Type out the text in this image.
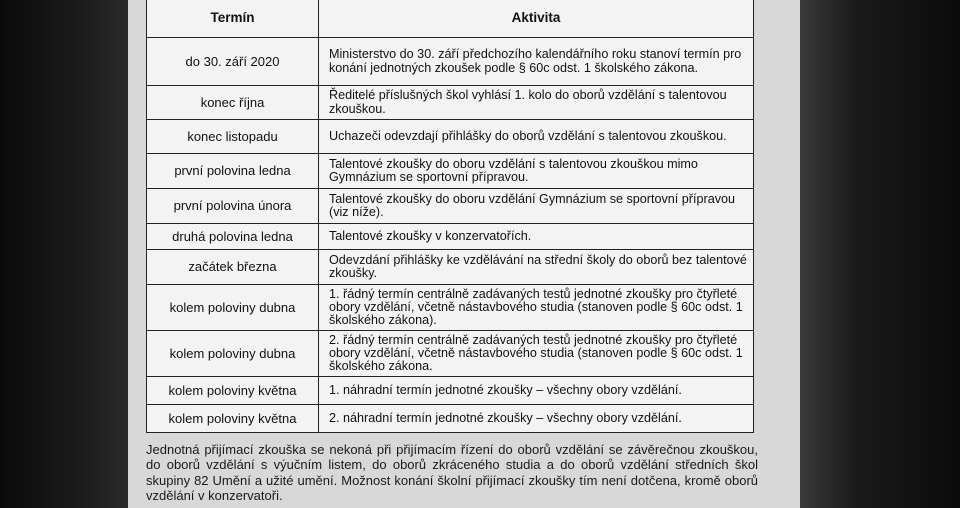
Termín	Aktivita
do 30. září 2020	Ministerstvo do 30. září předchozího kalendářního roku stanoví termín pro konání jednotných zkoušek podle § 60c odst. 1 školského zákona.
konec října	Ředitelé příslušných škol vyhlásí 1. kolo do oborů vzdělání s talentovou zkouškou.
konec listopadu	Uchazeči odevzdají přihlášky do oborů vzdělání s talentovou zkouškou.
první polovina ledna	Talentové zkoušky do oboru vzdělání s talentovou zkouškou mimo Gymnázium se sportovní přípravou.
první polovina února	Talentové zkoušky do oboru vzdělání Gymnázium se sportovní přípravou (viz níže).
druhá polovina ledna	Talentové zkoušky v konzervatořích.
začátek března	Odevzdání přihlášky ke vzdělávání na střední školy do oborů bez talentové zkoušky.
kolem poloviny dubna	1. řádný termín centrálně zadávaných testů jednotné zkoušky pro čtyřleté obory vzdělání, včetně nástavbového studia (stanoven podle § 60c odst. 1 školského zákona).
kolem poloviny dubna	2. řádný termín centrálně zadávaných testů jednotné zkoušky pro čtyřleté obory vzdělání, včetně nástavbového studia (stanoven podle § 60c odst. 1 školského zákona.
kolem poloviny května	1. náhradní termín jednotné zkoušky – všechny obory vzdělání.
kolem poloviny května	2. náhradní termín jednotné zkoušky – všechny obory vzdělání.

Jednotná přijímací zkouška se nekoná při přijímacím řízení do oborů vzdělání se závěrečnou zkouškou, do oborů vzdělání s výučním listem, do oborů zkráceného studia a do oborů vzdělání středních škol skupiny 82 Umění a užité umění. Možnost konání školní přijímací zkoušky tím není dotčena, kromě oborů vzdělání v konzervatoři.
